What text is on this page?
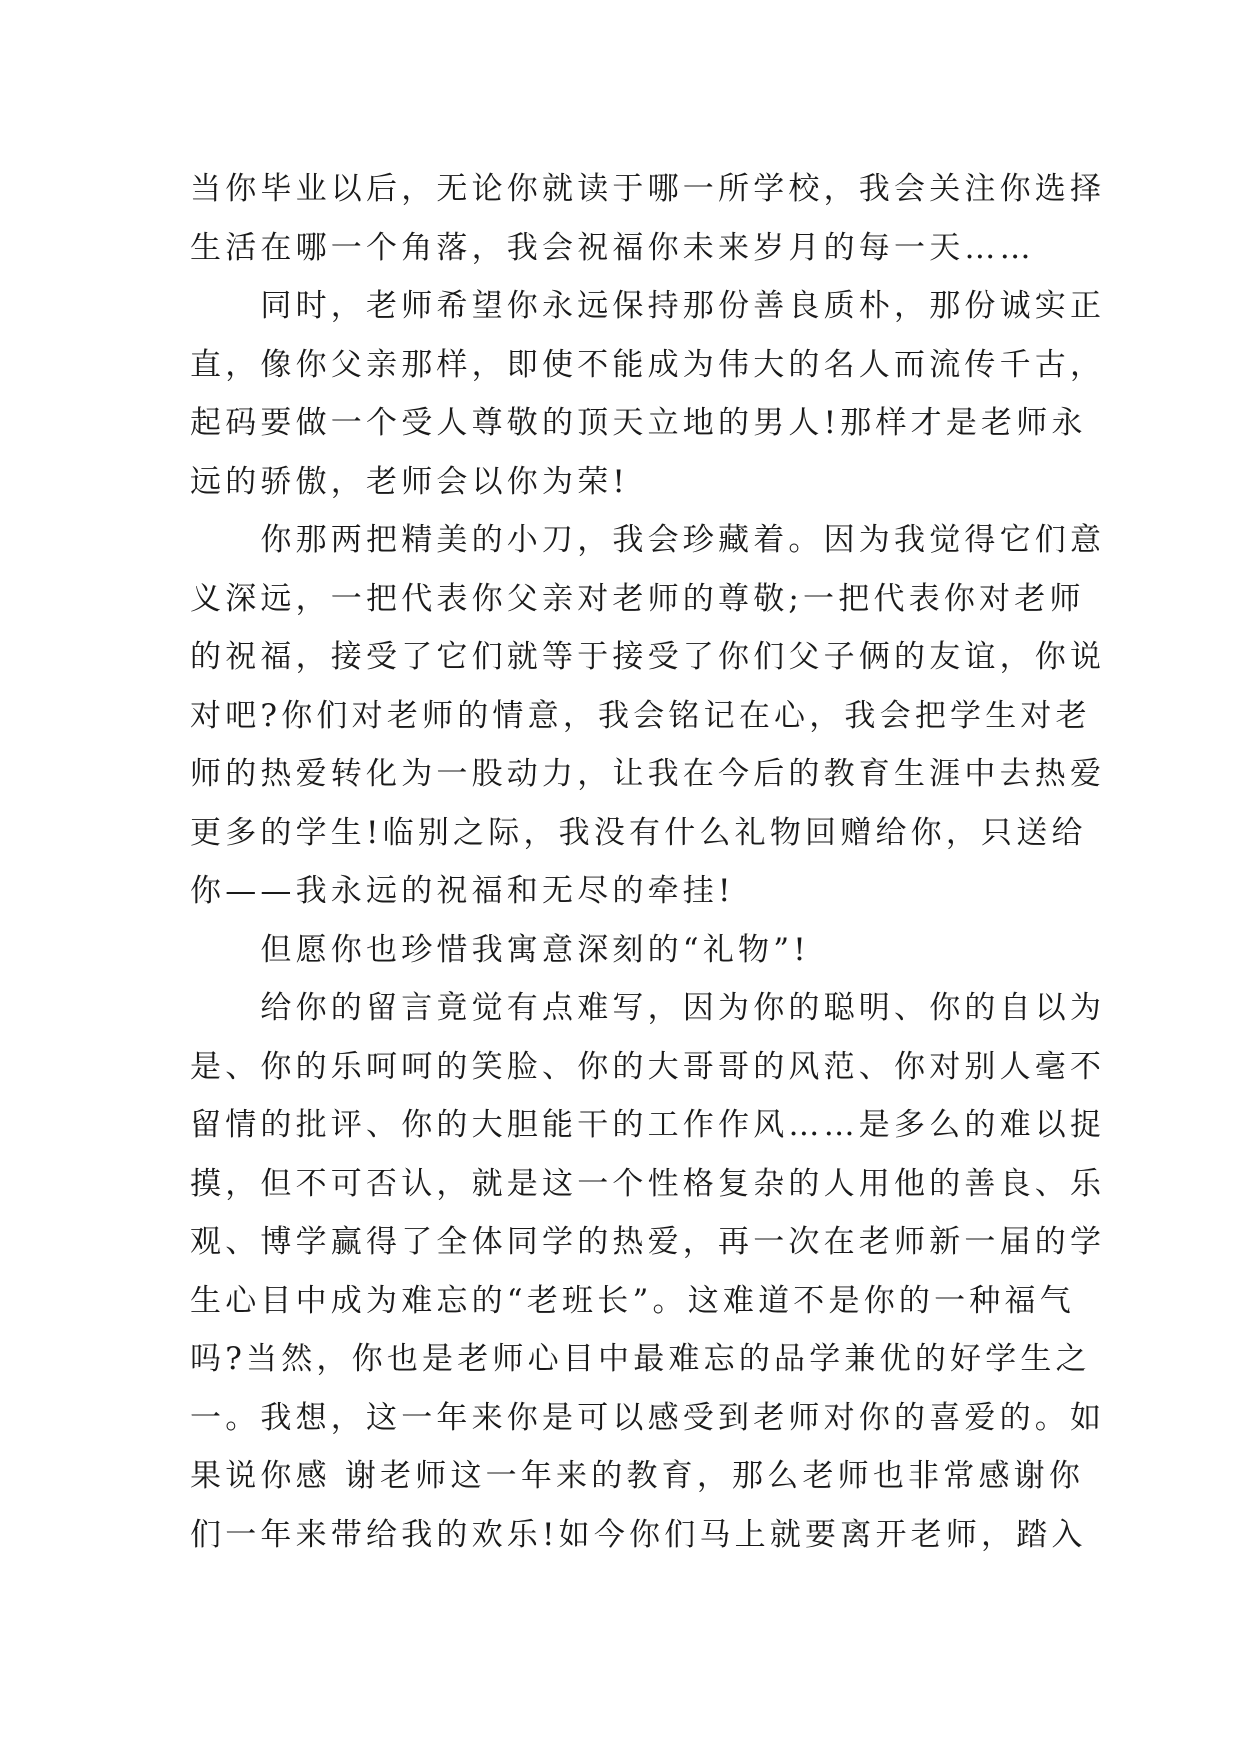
当你毕业以后，无论你就读于哪一所学校，我会关注你选择
生活在哪一个角落，我会祝福你未来岁月的每一天……
　　同时，老师希望你永远保持那份善良质朴，那份诚实正
直，像你父亲那样，即使不能成为伟大的名人而流传千古，
起码要做一个受人尊敬的顶天立地的男人!那样才是老师永
远的骄傲，老师会以你为荣!
　　你那两把精美的小刀，我会珍藏着。因为我觉得它们意
义深远，一把代表你父亲对老师的尊敬;一把代表你对老师
的祝福，接受了它们就等于接受了你们父子俩的友谊，你说
对吧?你们对老师的情意，我会铭记在心，我会把学生对老
师的热爱转化为一股动力，让我在今后的教育生涯中去热爱
更多的学生!临别之际，我没有什么礼物回赠给你，只送给
你——我永远的祝福和无尽的牵挂!
　　但愿你也珍惜我寓意深刻的“礼物”!
　　给你的留言竟觉有点难写，因为你的聪明、你的自以为
是、你的乐呵呵的笑脸、你的大哥哥的风范、你对别人毫不
留情的批评、你的大胆能干的工作作风……是多么的难以捉
摸，但不可否认，就是这一个性格复杂的人用他的善良、乐
观、博学赢得了全体同学的热爱，再一次在老师新一届的学
生心目中成为难忘的“老班长”。这难道不是你的一种福气
吗?当然，你也是老师心目中最难忘的品学兼优的好学生之
一。我想，这一年来你是可以感受到老师对你的喜爱的。如
果说你感 谢老师这一年来的教育，那么老师也非常感谢你
们一年来带给我的欢乐!如今你们马上就要离开老师，踏入
